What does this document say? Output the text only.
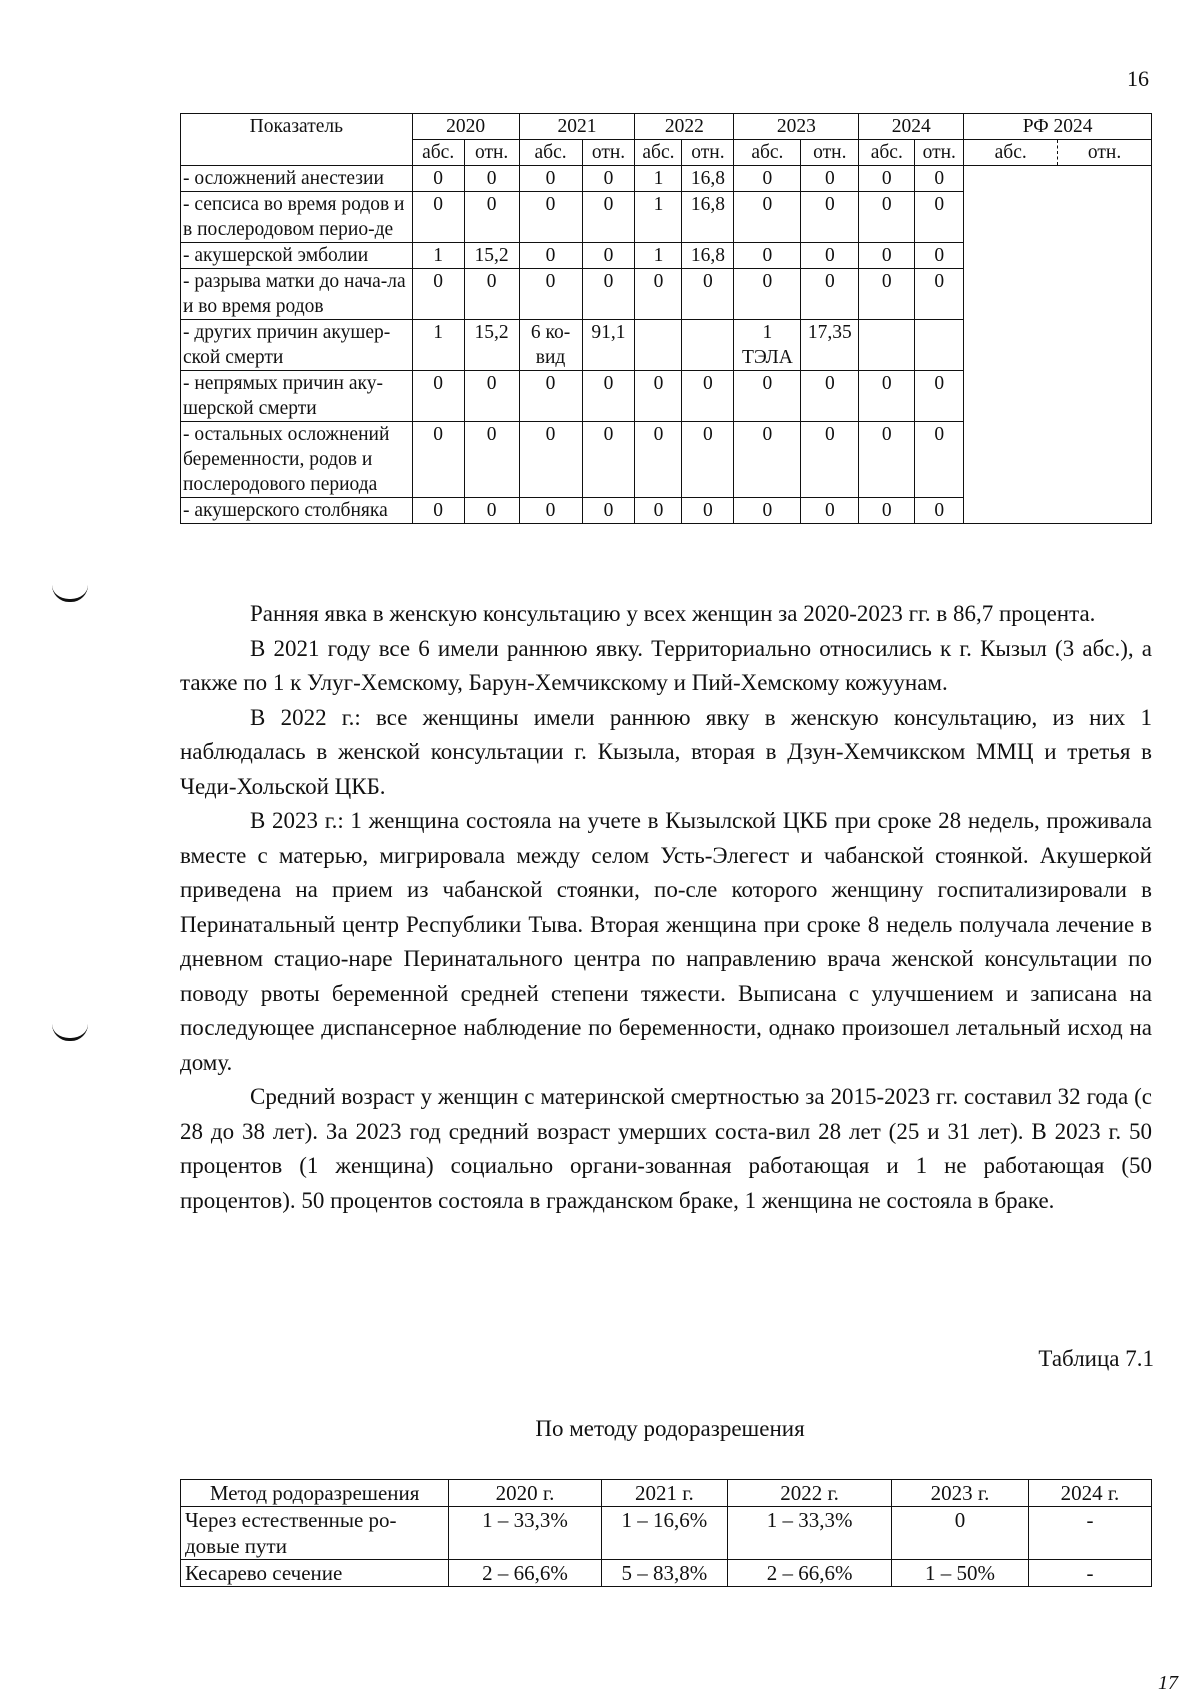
16
Показатель	2020		2021		2022		2023		2024		РФ 2024
	абс.	отн.	абс.	отн.	абс.	отн.	абс.	отн.	абс.	отн.	абс. отн.

- осложнений анестезии	0	0	0	0	1	16,8	0	0	0	0	
- сепсиса во время родов и в послеродовом перио-де	0	0	0	0	1	16,8	0	0	0	0	
- акушерской эмболии	1	15,2	0	0	1	16,8	0	0	0	0	
- разрыва матки до нача-ла и во время родов	0	0	0	0	0	0	0	0	0	0	
- других причин акушер-ской смерти	1	15,2	6 ко-вид	91,1			1 ТЭЛА	17,35			
- непрямых причин аку-шерской смерти	0	0	0	0	0	0	0	0	0	0	
- остальных осложнений беременности, родов и послеродового периода	0	0	0	0	0	0	0	0	0	0	
- акушерского столбняка	0	0	0	0	0	0	0	0	0	0	

Ранняя явка в женскую консультацию у всех женщин за 2020-2023 гг. в 86,7 процента.

В 2021 году все 6 имели раннюю явку. Территориально относились к г. Кызыл (3 абс.), а также по 1 к Улуг-Хемскому, Барун-Хемчикскому и Пий-Хемскому кожуунам.

В 2022 г.: все женщины имели раннюю явку в женскую консультацию, из них 1 наблюдалась в женской консультации г. Кызыла, вторая в Дзун-Хемчикском ММЦ и третья в Чеди-Хольской ЦКБ.

В 2023 г.: 1 женщина состояла на учете в Кызылской ЦКБ при сроке 28 недель, проживала вместе с матерью, мигрировала между селом Усть-Элегест и чабанской стоянкой. Акушеркой приведена на прием из чабанской стоянки, по-сле которого женщину госпитализировали в Перинатальный центр Республики Тыва. Вторая женщина при сроке 8 недель получала лечение в дневном стацио-наре Перинатального центра по направлению врача женской консультации по поводу рвоты беременной средней степени тяжести. Выписана с улучшением и записана на последующее диспансерное наблюдение по беременности, однако произошел летальный исход на дому.

Средний возраст у женщин с материнской смертностью за 2015-2023 гг. составил 32 года (с 28 до 38 лет). За 2023 год средний возраст умерших соста-вил 28 лет (25 и 31 лет). В 2023 г. 50 процентов (1 женщина) социально органи-зованная работающая и 1 не работающая (50 процентов). 50 процентов состояла в гражданском браке, 1 женщина не состояла в браке.

Таблица 7.1
По методу родоразрешения
Метод родоразрешения	2020 г.	2021 г.	2022 г.	2023 г.	2024 г.
Через естественные ро-довые пути	1 – 33,3%	1 – 16,6%	1 – 33,3%	0	-
Кесарево сечение	2 – 66,6%	5 – 83,8%	2 – 66,6%	1 – 50%	-
17
